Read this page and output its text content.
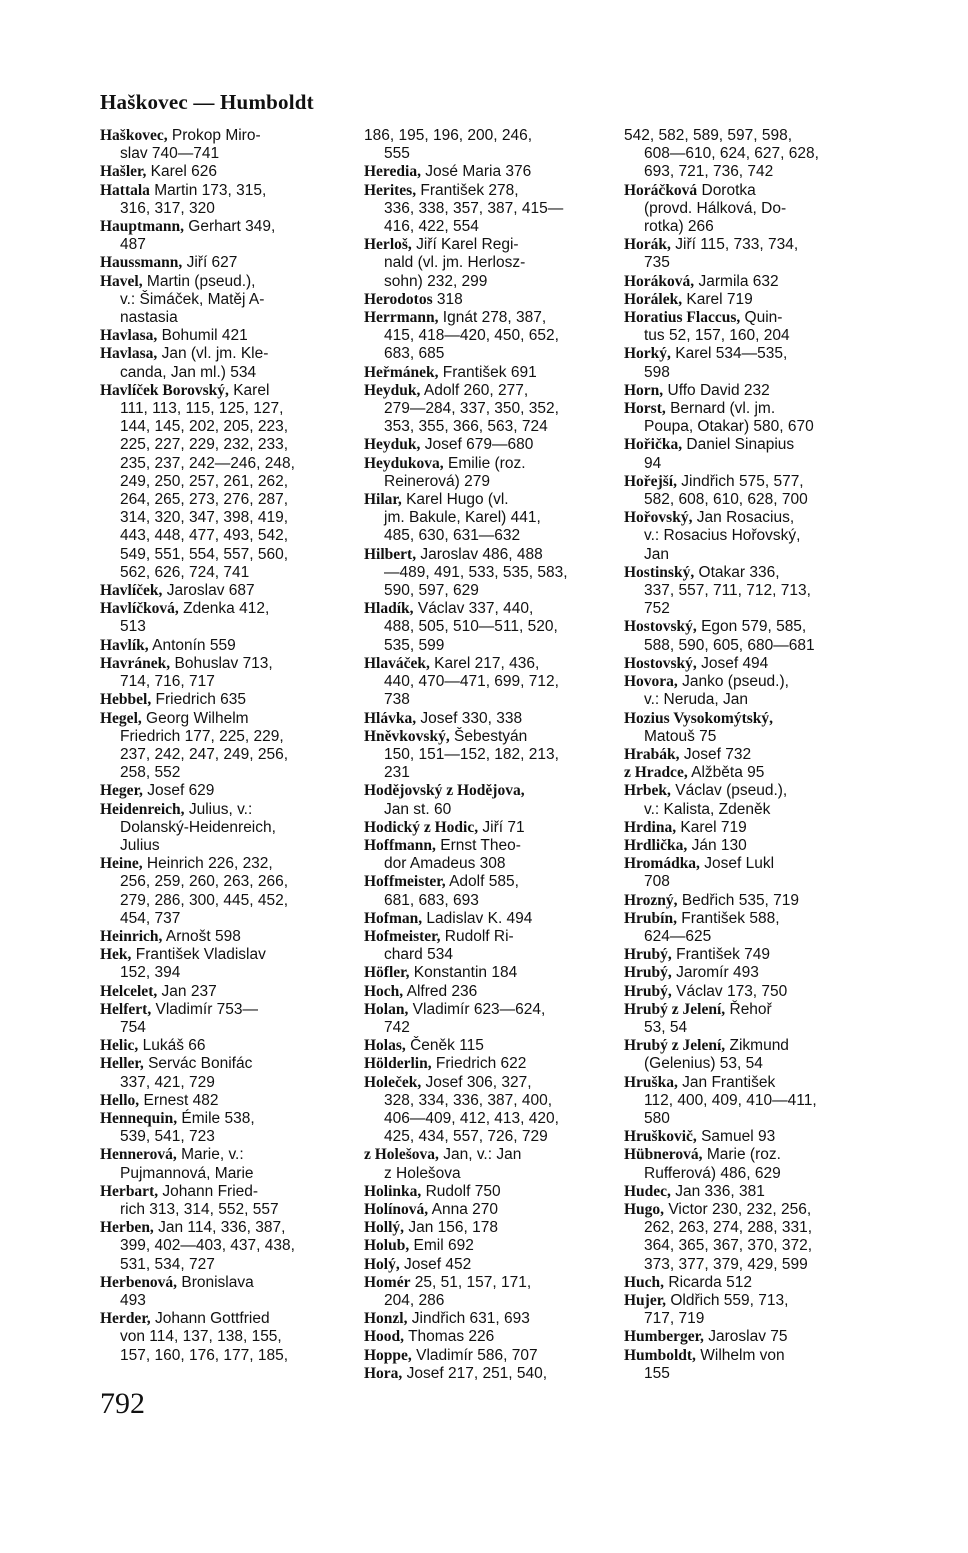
Haškovec — Humboldt
Haškovec, Prokop Miro-
slav 740—741
Hašler, Karel 626
Hattala Martin 173, 315,
316, 317, 320
Hauptmann, Gerhart 349,
487
Haussmann, Jiří 627
Havel, Martin (pseud.),
v.: Šimáček, Matěj A-
nastasia
Havlasa, Bohumil 421
Havlasa, Jan (vl. jm. Kle-
canda, Jan ml.) 534
Havlíček Borovský, Karel
111, 113, 115, 125, 127,
144, 145, 202, 205, 223,
225, 227, 229, 232, 233,
235, 237, 242—246, 248,
249, 250, 257, 261, 262,
264, 265, 273, 276, 287,
314, 320, 347, 398, 419,
443, 448, 477, 493, 542,
549, 551, 554, 557, 560,
562, 626, 724, 741
Havlíček, Jaroslav 687
Havlíčková, Zdenka 412,
513
Havlík, Antonín 559
Havránek, Bohuslav 713,
714, 716, 717
Hebbel, Friedrich 635
Hegel, Georg Wilhelm
Friedrich 177, 225, 229,
237, 242, 247, 249, 256,
258, 552
Heger, Josef 629
Heidenreich, Julius, v.:
Dolanský-Heidenreich,
Julius
Heine, Heinrich 226, 232,
256, 259, 260, 263, 266,
279, 286, 300, 445, 452,
454, 737
Heinrich, Arnošt 598
Hek, František Vladislav
152, 394
Helcelet, Jan 237
Helfert, Vladimír 753—
754
Helic, Lukáš 66
Heller, Servác Bonifác
337, 421, 729
Hello, Ernest 482
Hennequin, Émile 538,
539, 541, 723
Hennerová, Marie, v.:
Pujmannová, Marie
Herbart, Johann Fried-
rich 313, 314, 552, 557
Herben, Jan 114, 336, 387,
399, 402—403, 437, 438,
531, 534, 727
Herbenová, Bronislava
493
Herder, Johann Gottfried
von 114, 137, 138, 155,
157, 160, 176, 177, 185,
186, 195, 196, 200, 246,
555
Heredia, José Maria 376
Herites, František 278,
336, 338, 357, 387, 415—
416, 422, 554
Herloš, Jiří Karel Regi-
nald (vl. jm. Herlosz-
sohn) 232, 299
Herodotos 318
Herrmann, Ignát 278, 387,
415, 418—420, 450, 652,
683, 685
Heřmánek, František 691
Heyduk, Adolf 260, 277,
279—284, 337, 350, 352,
353, 355, 366, 563, 724
Heyduk, Josef 679—680
Heydukova, Emilie (roz.
Reinerová) 279
Hilar, Karel Hugo (vl.
jm. Bakule, Karel) 441,
485, 630, 631—632
Hilbert, Jaroslav 486, 488
—489, 491, 533, 535, 583,
590, 597, 629
Hladík, Václav 337, 440,
488, 505, 510—511, 520,
535, 599
Hlaváček, Karel 217, 436,
440, 470—471, 699, 712,
738
Hlávka, Josef 330, 338
Hněvkovský, Šebestyán
150, 151—152, 182, 213,
231
Hodějovský z Hodějova,
Jan st. 60
Hodický z Hodic, Jiří 71
Hoffmann, Ernst Theo-
dor Amadeus 308
Hoffmeister, Adolf 585,
681, 683, 693
Hofman, Ladislav K. 494
Hofmeister, Rudolf Ri-
chard 534
Höfler, Konstantin 184
Hoch, Alfred 236
Holan, Vladimír 623—624,
742
Holas, Čeněk 115
Hölderlin, Friedrich 622
Holeček, Josef 306, 327,
328, 334, 336, 387, 400,
406—409, 412, 413, 420,
425, 434, 557, 726, 729
z Holešova, Jan, v.: Jan
z Holešova
Holinka, Rudolf 750
Holínová, Anna 270
Hollý, Jan 156, 178
Holub, Emil 692
Holý, Josef 452
Homér 25, 51, 157, 171,
204, 286
Honzl, Jindřich 631, 693
Hood, Thomas 226
Hoppe, Vladimír 586, 707
Hora, Josef 217, 251, 540,
542, 582, 589, 597, 598,
608—610, 624, 627, 628,
693, 721, 736, 742
Horáčková Dorotka
(provd. Hálková, Do-
rotka) 266
Horák, Jiří 115, 733, 734,
735
Horáková, Jarmila 632
Horálek, Karel 719
Horatius Flaccus, Quin-
tus 52, 157, 160, 204
Horký, Karel 534—535,
598
Horn, Uffo David 232
Horst, Bernard (vl. jm.
Poupa, Otakar) 580, 670
Hořička, Daniel Sinapius
94
Hořejší, Jindřich 575, 577,
582, 608, 610, 628, 700
Hořovský, Jan Rosacius,
v.: Rosacius Hořovský,
Jan
Hostinský, Otakar 336,
337, 557, 711, 712, 713,
752
Hostovský, Egon 579, 585,
588, 590, 605, 680—681
Hostovský, Josef 494
Hovora, Janko (pseud.),
v.: Neruda, Jan
Hozius Vysokomýtský,
Matouš 75
Hrabák, Josef 732
z Hradce, Alžběta 95
Hrbek, Václav (pseud.),
v.: Kalista, Zdeněk
Hrdina, Karel 719
Hrdlička, Ján 130
Hromádka, Josef Lukl
708
Hrozný, Bedřich 535, 719
Hrubín, František 588,
624—625
Hrubý, František 749
Hrubý, Jaromír 493
Hrubý, Václav 173, 750
Hrubý z Jelení, Řehoř
53, 54
Hrubý z Jelení, Zikmund
(Gelenius) 53, 54
Hruška, Jan František
112, 400, 409, 410—411,
580
Hruškovič, Samuel 93
Hübnerová, Marie (roz.
Rufferová) 486, 629
Hudec, Jan 336, 381
Hugo, Victor 230, 232, 256,
262, 263, 274, 288, 331,
364, 365, 367, 370, 372,
373, 377, 379, 429, 599
Huch, Ricarda 512
Hujer, Oldřich 559, 713,
717, 719
Humberger, Jaroslav 75
Humboldt, Wilhelm von
155
792
